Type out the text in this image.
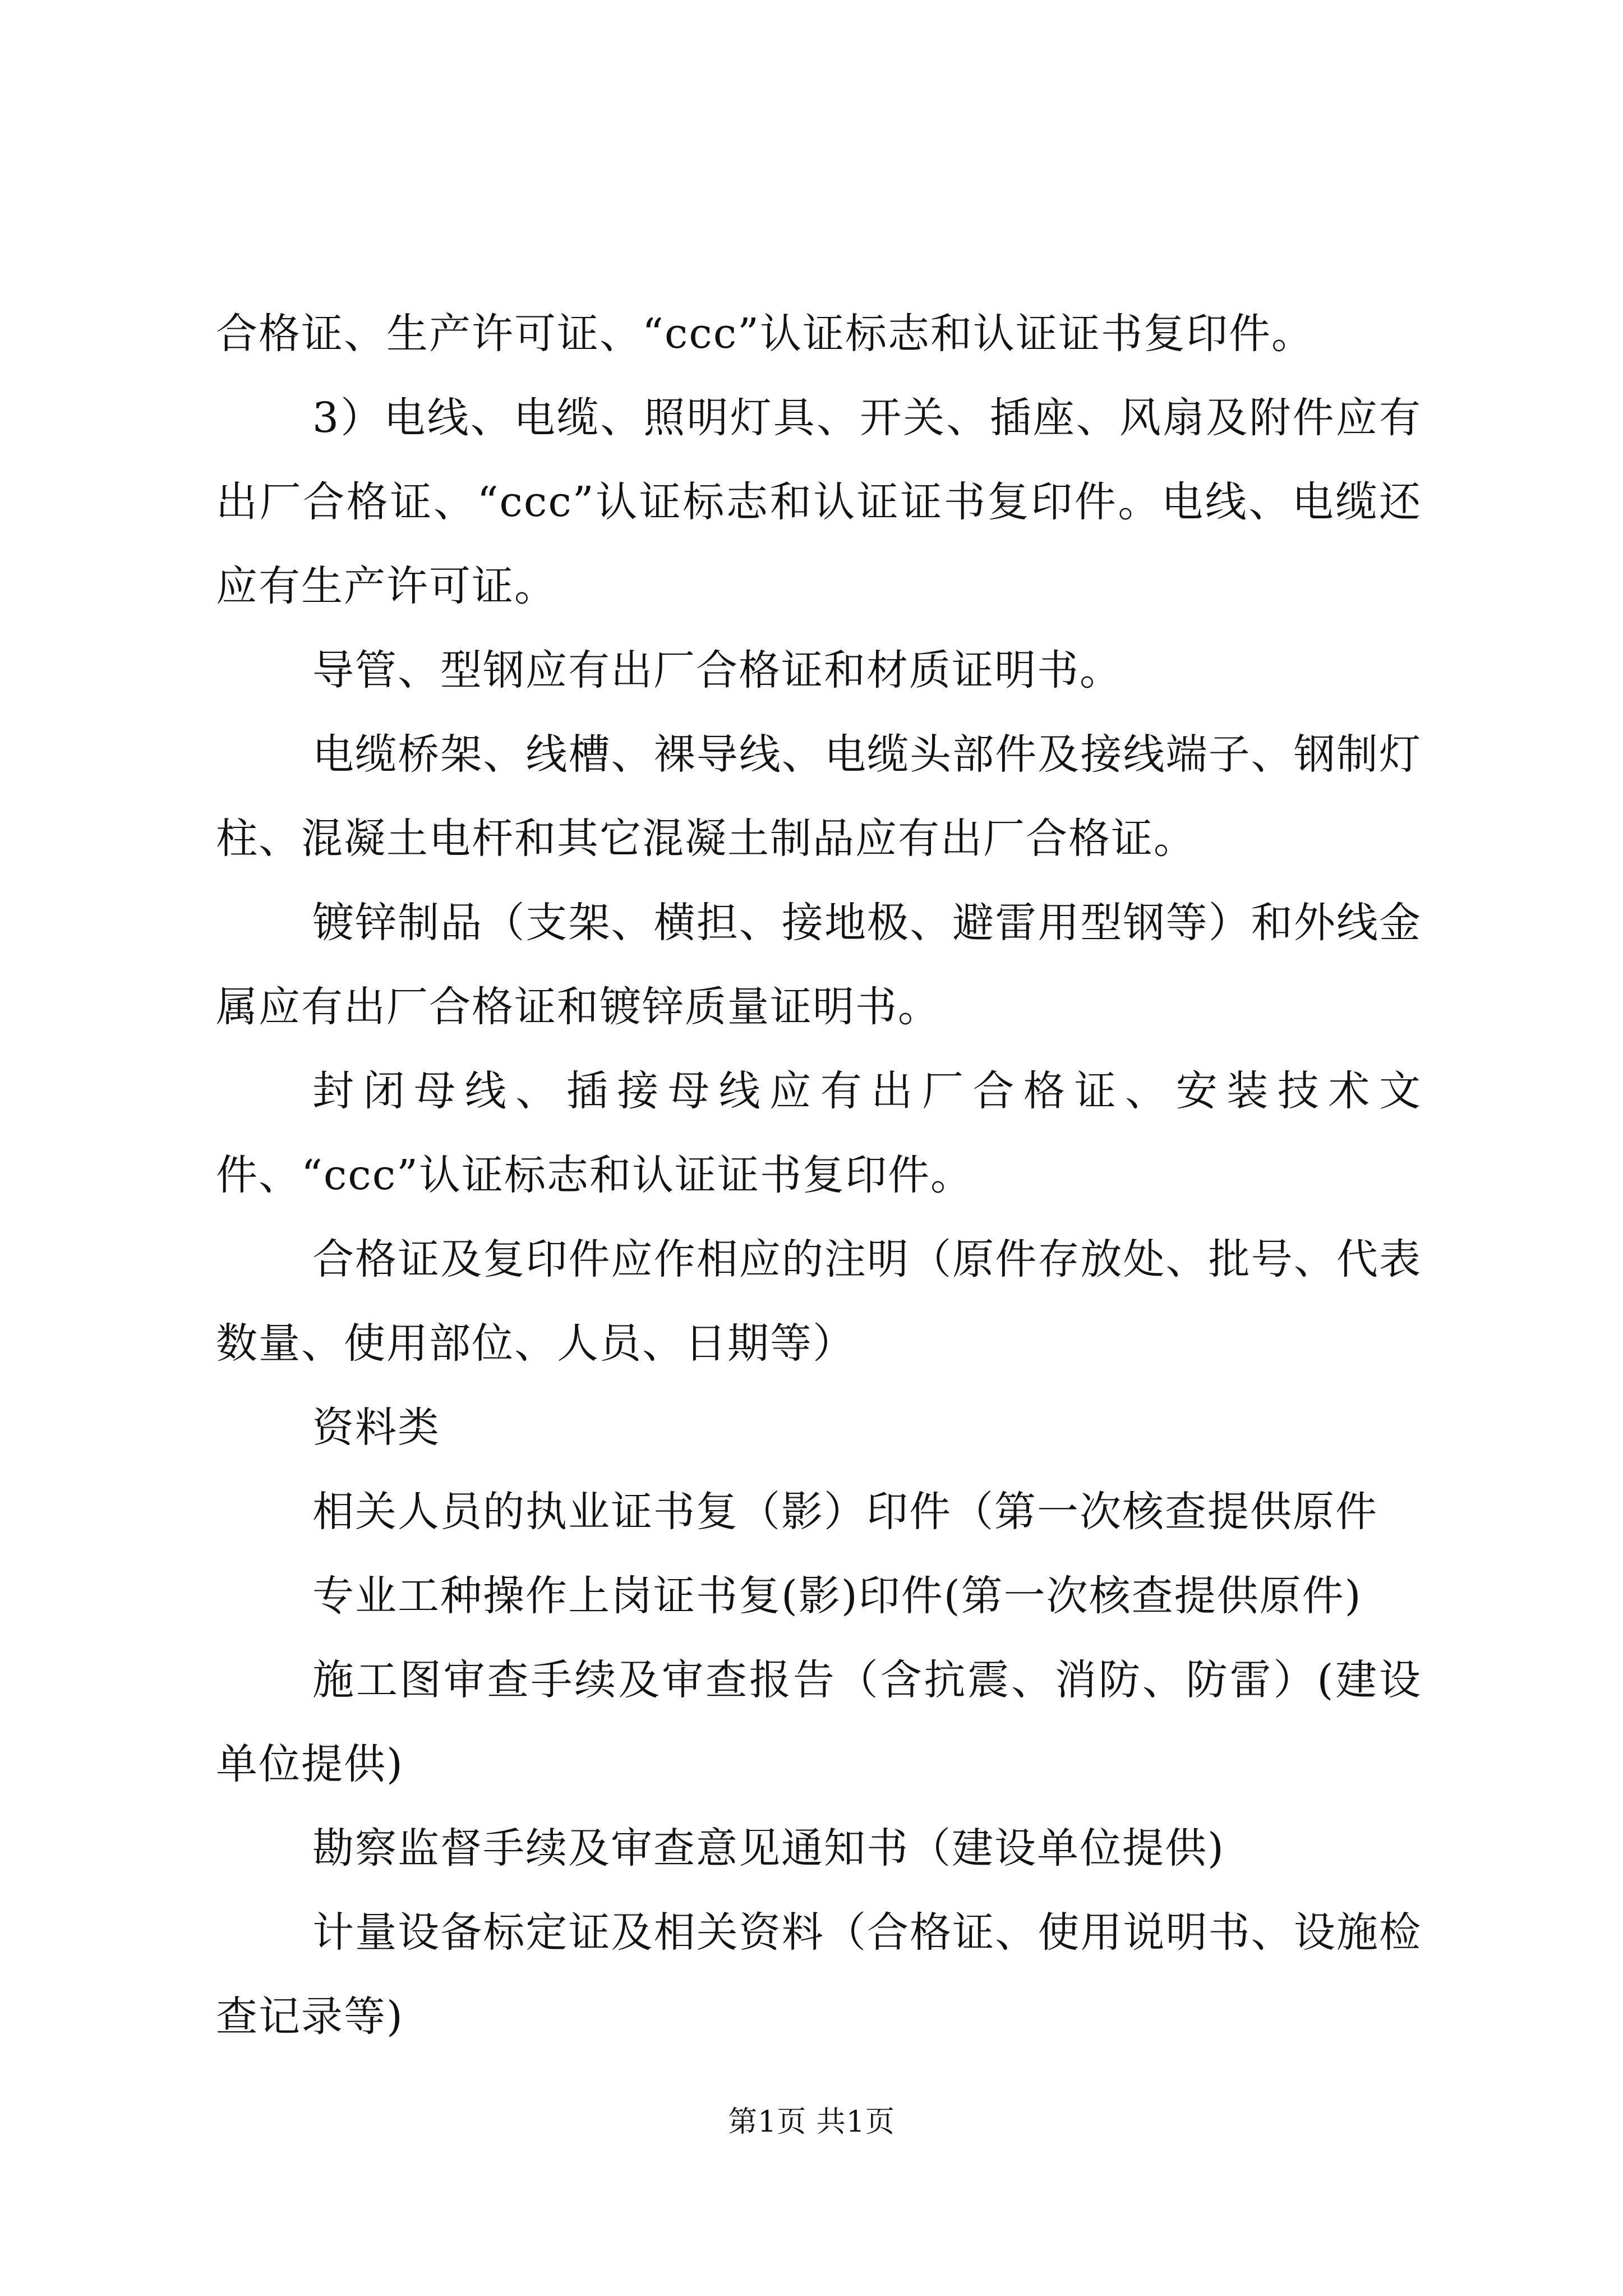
合格证、生产许可证、“ccc”认证标志和认证证书复印件。

3）电线、电缆、照明灯具、开关、插座、风扇及附件应有出厂合格证、“ccc”认证标志和认证证书复印件。电线、电缆还应有生产许可证。

导管、型钢应有出厂合格证和材质证明书。

电缆桥架、线槽、裸导线、电缆头部件及接线端子、钢制灯柱、混凝土电杆和其它混凝土制品应有出厂合格证。

镀锌制品（支架、横担、接地极、避雷用型钢等）和外线金属应有出厂合格证和镀锌质量证明书。

封闭母线、插接母线应有出厂合格证、安装技术文件、“ccc”认证标志和认证证书复印件。

合格证及复印件应作相应的注明（原件存放处、批号、代表数量、使用部位、人员、日期等）

资料类

相关人员的执业证书复（影）印件（第一次核查提供原件

专业工种操作上岗证书复(影)印件(第一次核查提供原件)

施工图审查手续及审查报告（含抗震、消防、防雷）(建设单位提供)

勘察监督手续及审查意见通知书（建设单位提供)

计量设备标定证及相关资料（合格证、使用说明书、设施检查记录等)

第1页 共1页
